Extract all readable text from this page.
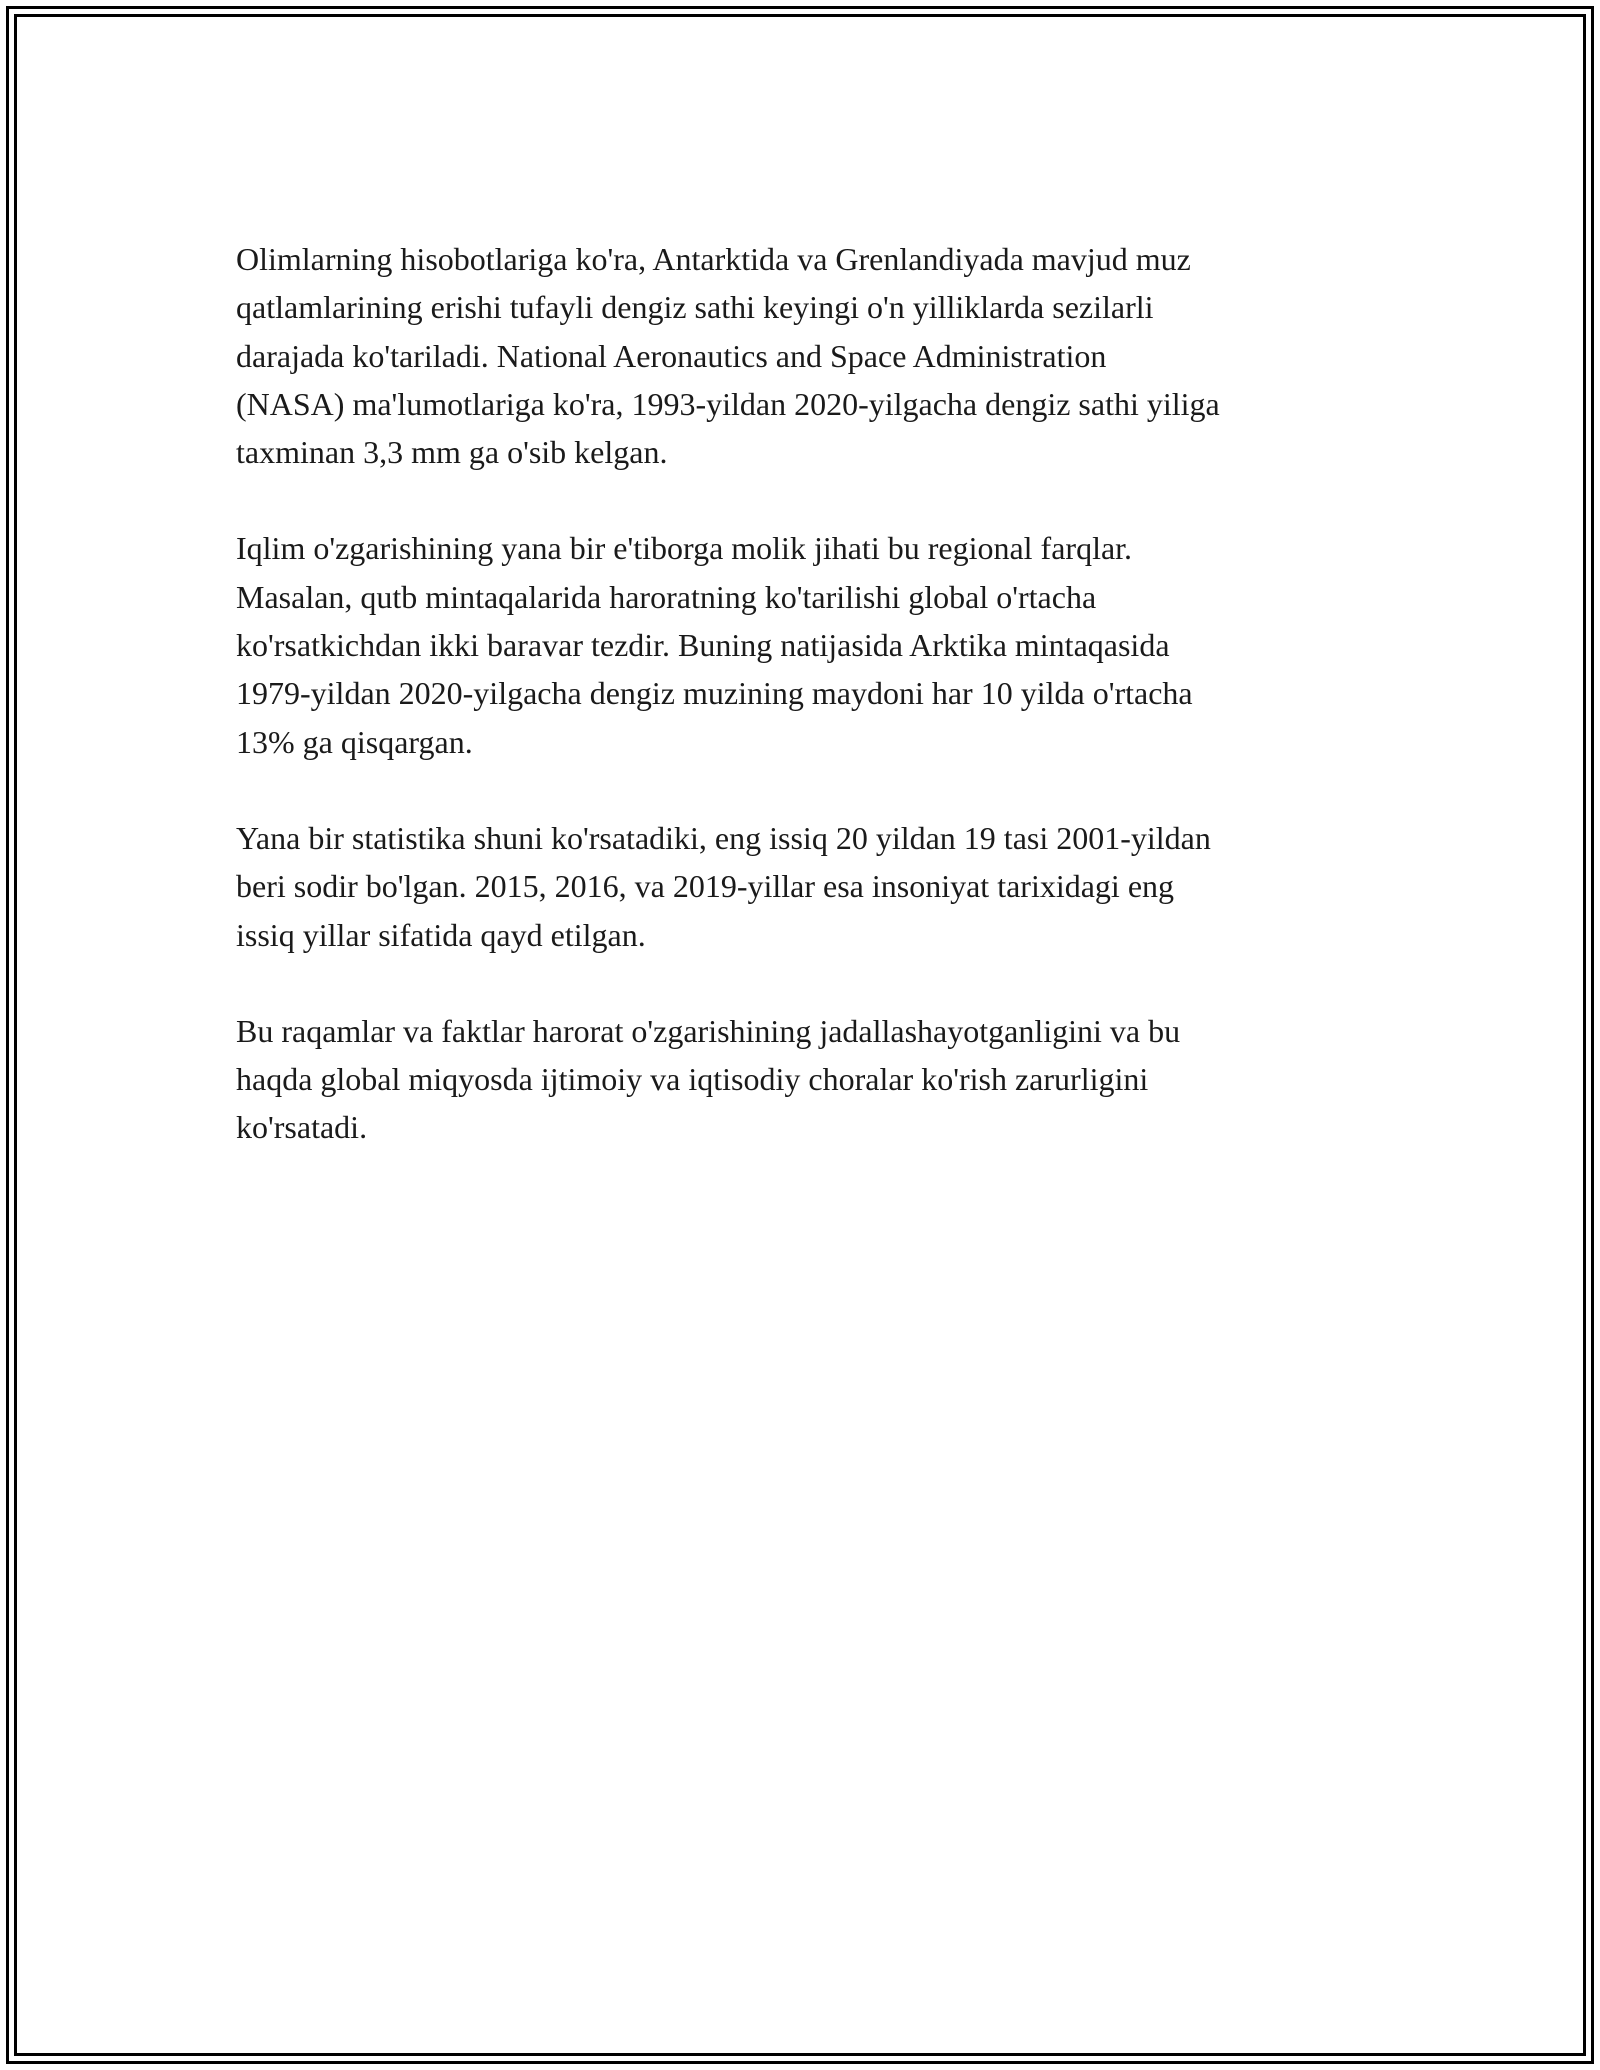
Olimlarning hisobotlariga ko'ra, Antarktida va Grenlandiyada mavjud muz
qatlamlarining erishi tufayli dengiz sathi keyingi o'n yilliklarda sezilarli
darajada ko'tariladi. National Aeronautics and Space Administration
(NASA) ma'lumotlariga ko'ra, 1993-yildan 2020-yilgacha dengiz sathi yiliga
taxminan 3,3 mm ga o'sib kelgan.

Iqlim o'zgarishining yana bir e'tiborga molik jihati bu regional farqlar.
Masalan, qutb mintaqalarida haroratning ko'tarilishi global o'rtacha
ko'rsatkichdan ikki baravar tezdir. Buning natijasida Arktika mintaqasida
1979-yildan 2020-yilgacha dengiz muzining maydoni har 10 yilda o'rtacha
13% ga qisqargan.

Yana bir statistika shuni ko'rsatadiki, eng issiq 20 yildan 19 tasi 2001-yildan
beri sodir bo'lgan. 2015, 2016, va 2019-yillar esa insoniyat tarixidagi eng
issiq yillar sifatida qayd etilgan.

Bu raqamlar va faktlar harorat o'zgarishining jadallashayotganligini va bu
haqda global miqyosda ijtimoiy va iqtisodiy choralar ko'rish zarurligini
ko'rsatadi.
